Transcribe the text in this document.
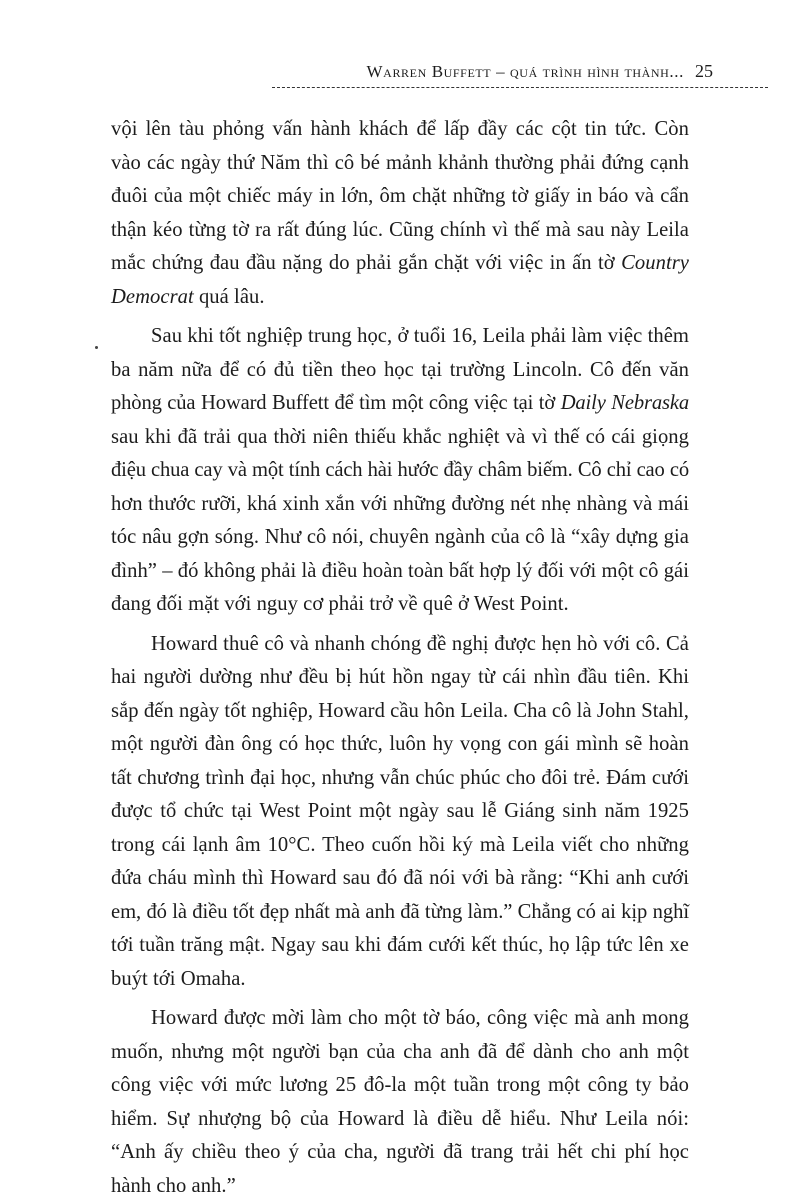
Warren Buffett – quá trình hình thành... 25

vội lên tàu phỏng vấn hành khách để lấp đầy các cột tin tức. Còn
vào các ngày thứ Năm thì cô bé mảnh khảnh thường phải đứng cạnh
đuôi của một chiếc máy in lớn, ôm chặt những tờ giấy in báo và cẩn
thận kéo từng tờ ra rất đúng lúc. Cũng chính vì thế mà sau này Leila
mắc chứng đau đầu nặng do phải gắn chặt với việc in ấn tờ Country
Democrat quá lâu.

Sau khi tốt nghiệp trung học, ở tuổi 16, Leila phải làm việc thêm
ba năm nữa để có đủ tiền theo học tại trường Lincoln. Cô đến văn
phòng của Howard Buffett để tìm một công việc tại tờ Daily Nebraska
sau khi đã trải qua thời niên thiếu khắc nghiệt và vì thế có cái giọng
điệu chua cay và một tính cách hài hước đầy châm biếm. Cô chỉ cao có
hơn thước rưỡi, khá xinh xắn với những đường nét nhẹ nhàng và mái
tóc nâu gợn sóng. Như cô nói, chuyên ngành của cô là “xây dựng gia
đình” – đó không phải là điều hoàn toàn bất hợp lý đối với một cô gái
đang đối mặt với nguy cơ phải trở về quê ở West Point.

Howard thuê cô và nhanh chóng đề nghị được hẹn hò với cô. Cả
hai người dường như đều bị hút hồn ngay từ cái nhìn đầu tiên. Khi
sắp đến ngày tốt nghiệp, Howard cầu hôn Leila. Cha cô là John Stahl,
một người đàn ông có học thức, luôn hy vọng con gái mình sẽ hoàn
tất chương trình đại học, nhưng vẫn chúc phúc cho đôi trẻ. Đám cưới
được tổ chức tại West Point một ngày sau lễ Giáng sinh năm 1925
trong cái lạnh âm 10°C. Theo cuốn hồi ký mà Leila viết cho những
đứa cháu mình thì Howard sau đó đã nói với bà rằng: “Khi anh cưới
em, đó là điều tốt đẹp nhất mà anh đã từng làm.” Chẳng có ai kịp nghĩ
tới tuần trăng mật. Ngay sau khi đám cưới kết thúc, họ lập tức lên xe
buýt tới Omaha.

Howard được mời làm cho một tờ báo, công việc mà anh mong
muốn, nhưng một người bạn của cha anh đã để dành cho anh một
công việc với mức lương 25 đô-la một tuần trong một công ty bảo
hiểm. Sự nhượng bộ của Howard là điều dễ hiểu. Như Leila nói:
“Anh ấy chiều theo ý của cha, người đã trang trải hết chi phí học
hành cho anh.”
